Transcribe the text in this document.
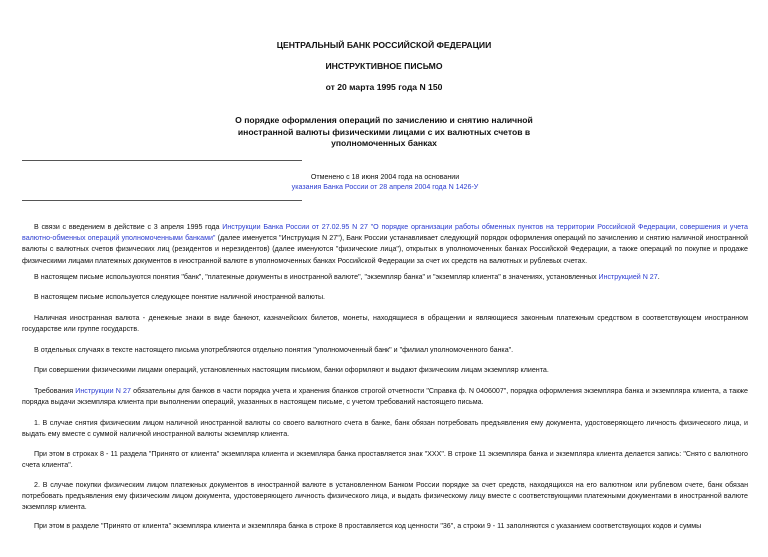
ЦЕНТРАЛЬНЫЙ БАНК РОССИЙСКОЙ ФЕДЕРАЦИИ

ИНСТРУКТИВНОЕ ПИСЬМО

от 20 марта 1995 года N 150

О порядке оформления операций по зачислению и снятию наличной иностранной валюты физическими лицами с их валютных счетов в уполномоченных банках

Отменено с 18 июня 2004 года на основании

указания Банка России от 28 апреля 2004 года N 1426-У

В связи с введением в действие с 3 апреля 1995 года Инструкции Банка России от 27.02.95 N 27 "О порядке организации работы обменных пунктов на территории Российской Федерации, совершения и учета валютно-обменных операций уполномоченными банками" (далее именуется "Инструкция N 27"), Банк России устанавливает следующий порядок оформления операций по зачислению и снятию наличной иностранной валюты с валютных счетов физических лиц (резидентов и нерезидентов) (далее именуются "физические лица"), открытых в уполномоченных банках Российской Федерации, а также операций по покупке и продаже физическими лицами платежных документов в иностранной валюте в уполномоченных банках Российской Федерации за счет их средств на валютных и рублевых счетах.

В настоящем письме используются понятия "банк", "платежные документы в иностранной валюте", "экземпляр банка" и "экземпляр клиента" в значениях, установленных Инструкцией N 27.

В настоящем письме используется следующее понятие наличной иностранной валюты.

Наличная иностранная валюта - денежные знаки в виде банкнот, казначейских билетов, монеты, находящиеся в обращении и являющиеся законным платежным средством в соответствующем иностранном государстве или группе государств.

В отдельных случаях в тексте настоящего письма употребляются отдельно понятия "уполномоченный банк" и "филиал уполномоченного банка".

При совершении физическими лицами операций, установленных настоящим письмом, банки оформляют и выдают физическим лицам экземпляр клиента.

Требования Инструкции N 27 обязательны для банков в части порядка учета и хранения бланков строгой отчетности "Справка ф. N 0406007", порядка оформления экземпляра банка и экземпляра клиента, а также порядка выдачи экземпляра клиента при выполнении операций, указанных в настоящем письме, с учетом требований настоящего письма.

1. В случае снятия физическим лицом наличной иностранной валюты со своего валютного счета в банке, банк обязан потребовать предъявления ему документа, удостоверяющего личность физического лица, и выдать ему вместе с суммой наличной иностранной валюты экземпляр клиента.

При этом в строках 8 - 11 раздела "Принято от клиента" экземпляра клиента и экземпляра банка проставляется знак "XXX". В строке 11 экземпляра банка и экземпляра клиента делается запись: "Снято с валютного счета клиента".

2. В случае покупки физическим лицом платежных документов в иностранной валюте в установленном Банком России порядке за счет средств, находящихся на его валютном или рублевом счете, банк обязан потребовать предъявления ему физическим лицом документа, удостоверяющего личность физического лица, и выдать физическому лицу вместе с соответствующими платежными документами в иностранной валюте экземпляр клиента.

При этом в разделе "Принято от клиента" экземпляра клиента и экземпляра банка в строке 8 проставляется код ценности "36", а строки 9 - 11 заполняются с указанием соответствующих кодов и суммы
